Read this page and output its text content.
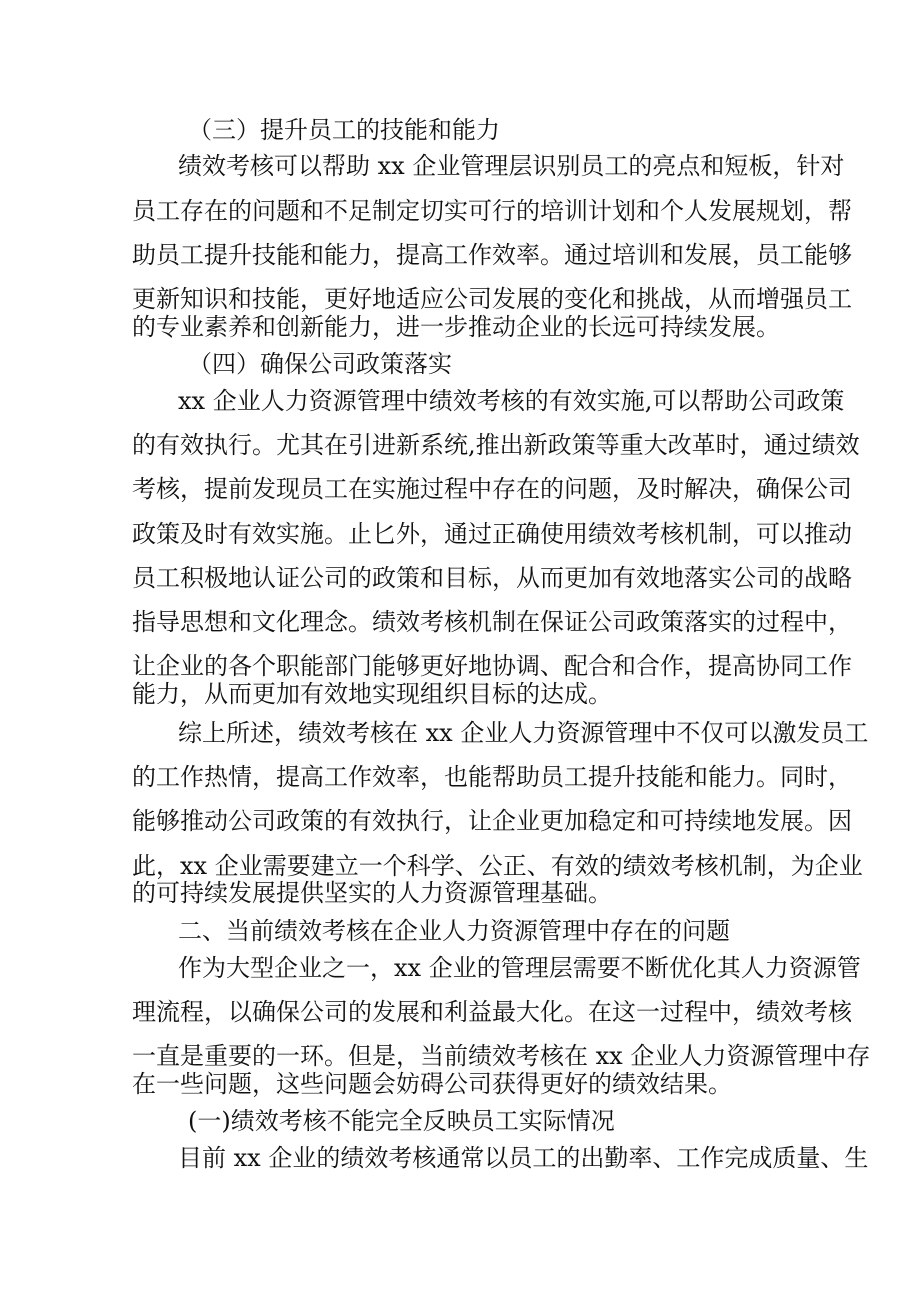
（三）提升员工的技能和能力
绩效考核可以帮助 xx 企业管理层识别员工的亮点和短板，针对
员工存在的问题和不足制定切实可行的培训计划和个人发展规划，帮
助员工提升技能和能力，提高工作效率。通过培训和发展，员工能够
更新知识和技能，更好地适应公司发展的变化和挑战，从而增强员工
的专业素养和创新能力，进一步推动企业的长远可持续发展。
（四）确保公司政策落实
xx 企业人力资源管理中绩效考核的有效实施,可以帮助公司政策
的有效执行。尤其在引进新系统,推出新政策等重大改革时，通过绩效
考核，提前发现员工在实施过程中存在的问题，及时解决，确保公司
政策及时有效实施。止匕外，通过正确使用绩效考核机制，可以推动
员工积极地认证公司的政策和目标，从而更加有效地落实公司的战略
指导思想和文化理念。绩效考核机制在保证公司政策落实的过程中，
让企业的各个职能部门能够更好地协调、配合和合作，提高协同工作
能力，从而更加有效地实现组织目标的达成。
综上所述，绩效考核在 xx 企业人力资源管理中不仅可以激发员工
的工作热情，提高工作效率，也能帮助员工提升技能和能力。同时，
能够推动公司政策的有效执行，让企业更加稳定和可持续地发展。因
此，xx 企业需要建立一个科学、公正、有效的绩效考核机制，为企业
的可持续发展提供坚实的人力资源管理基础。
二、当前绩效考核在企业人力资源管理中存在的问题
作为大型企业之一，xx 企业的管理层需要不断优化其人力资源管
理流程，以确保公司的发展和利益最大化。在这一过程中，绩效考核
一直是重要的一环。但是，当前绩效考核在 xx 企业人力资源管理中存
在一些问题，这些问题会妨碍公司获得更好的绩效结果。
(一)绩效考核不能完全反映员工实际情况
目前 xx 企业的绩效考核通常以员工的出勤率、工作完成质量、生
